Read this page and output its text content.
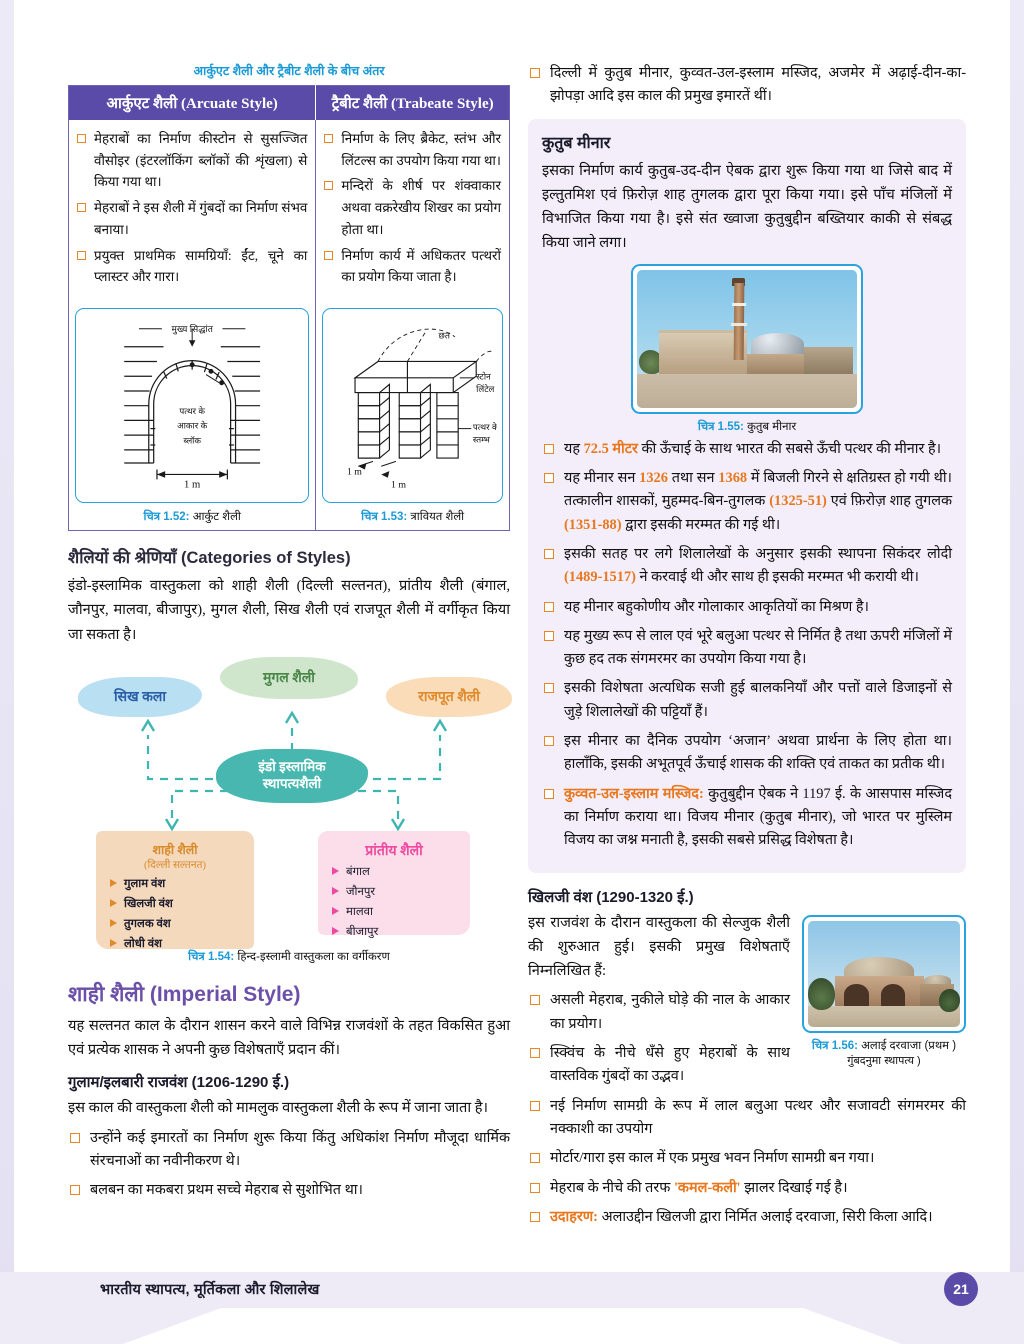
आर्कुएट शैली और ट्रैबीट शैली के बीच अंतर
आर्कुएट शैली (Arcuate Style)	ट्रैबीट शैली (Trabeate Style)

मेहराबों का निर्माण कीस्टोन से सुसज्जित वौसोइर (इंटरलॉकिंग ब्लॉकों की शृंखला) से किया गया था।
मेहराबों ने इस शैली में गुंबदों का निर्माण संभव बनाया।
प्रयुक्त प्राथमिक सामग्रियाँ: ईंट, चूने का प्लास्टर और गारा।

निर्माण के लिए ब्रैकेट, स्तंभ और लिंटल्स का उपयोग किया गया था।
मन्दिरों के शीर्ष पर शंक्वाकार अथवा वक्ररेखीय शिखर का प्रयोग होता था।
निर्माण कार्य में अधिकतर पत्थरों का प्रयोग किया जाता है।

मुख्य सिद्धांत
पत्थर के
आकार के
ब्लॉक
1 m
चित्र 1.52: आर्कुट शैली

छत
स्टोन
लिंटेल
पत्थर के
स्तम्भ
1 m
1 m
चित्र 1.53: त्रावियत शैली
शैलियों की श्रेणियाँ (Categories of Styles)

इंडो-इस्लामिक वास्तुकला को शाही शैली (दिल्ली सल्तनत), प्रांतीय शैली (बंगाल, जौनपुर, मालवा, बीजापुर), मुगल शैली, सिख शैली एवं राजपूत शैली में वर्गीकृत किया जा सकता है।

सिख कला
मुगल शैली
राजपूत शैली
इंडो इस्लामिक
स्थापत्यशैली
शाही शैली
(दिल्ली सल्तनत)
गुलाम वंश
खिलजी वंश
तुगलक वंश
लोधी वंश
प्रांतीय शैली
बंगाल
जौनपुर
मालवा
बीजापुर
चित्र 1.54: हिन्द-इस्लामी वास्तुकला का वर्गीकरण
शाही शैली (Imperial Style)

यह सल्तनत काल के दौरान शासन करने वाले विभिन्न राजवंशों के तहत विकसित हुआ एवं प्रत्येक शासक ने अपनी कुछ विशेषताएँ प्रदान कीं।

गुलाम/इलबारी राजवंश (1206-1290 ई.)

इस काल की वास्तुकला शैली को मामलुक वास्तुकला शैली के रूप में जाना जाता है।

उन्होंने कई इमारतों का निर्माण शुरू किया किंतु अधिकांश निर्माण मौजूदा धार्मिक संरचनाओं का नवीनीकरण थे।
बलबन का मकबरा प्रथम सच्चे मेहराब से सुशोभित था।
दिल्ली में कुतुब मीनार, कुव्वत-उल-इस्लाम मस्जिद, अजमेर में अढ़ाई-दीन-का-झोपड़ा आदि इस काल की प्रमुख इमारतें थीं।
कुतुब मीनार

इसका निर्माण कार्य कुतुब-उद-दीन ऐबक द्वारा शुरू किया गया था जिसे बाद में इल्तुतमिश एवं फ़िरोज़ शाह तुगलक द्वारा पूरा किया गया। इसे पाँच मंजिलों में विभाजित किया गया है। इसे संत ख्वाजा कुतुबुद्दीन बख्तियार काकी से संबद्ध किया जाने लगा।

चित्र 1.55: कुतुब मीनार
यह 72.5 मीटर की ऊँचाई के साथ भारत की सबसे ऊँची पत्थर की मीनार है।
यह मीनार सन 1326 तथा सन 1368 में बिजली गिरने से क्षतिग्रस्त हो गयी थी। तत्कालीन शासकों, मुहम्मद-बिन-तुगलक (1325-51) एवं फ़िरोज़ शाह तुगलक (1351-88) द्वारा इसकी मरम्मत की गई थी।
इसकी सतह पर लगे शिलालेखों के अनुसार इसकी स्थापना सिकंदर लोदी (1489-1517) ने करवाई थी और साथ ही इसकी मरम्मत भी करायी थी।
यह मीनार बहुकोणीय और गोलाकार आकृतियों का मिश्रण है।
यह मुख्य रूप से लाल एवं भूरे बलुआ पत्थर से निर्मित है तथा ऊपरी मंजिलों में कुछ हद तक संगमरमर का उपयोग किया गया है।
इसकी विशेषता अत्यधिक सजी हुई बालकनियाँ और पत्तों वाले डिजाइनों से जुड़े शिलालेखों की पट्टियाँ हैं।
इस मीनार का दैनिक उपयोग ‘अजान’ अथवा प्रार्थना के लिए होता था। हालाँकि, इसकी अभूतपूर्व ऊँचाई शासक की शक्ति एवं ताकत का प्रतीक थी।
कुव्वत-उल-इस्लाम मस्जिद: कुतुबुद्दीन ऐबक ने 1197 ई. के आसपास मस्जिद का निर्माण कराया था। विजय मीनार (कुतुब मीनार), जो भारत पर मुस्लिम विजय का जश्न मनाती है, इसकी सबसे प्रसिद्ध विशेषता है।
खिलजी वंश (1290-1320 ई.)
चित्र 1.56: अलाई दरवाजा (प्रथम )
गुंबदनुमा स्थापत्य )

इस राजवंश के दौरान वास्तुकला की सेल्जुक शैली की शुरुआत हुई। इसकी प्रमुख विशेषताएँ निम्नलिखित हैं:

असली मेहराब, नुकीले घोड़े की नाल के आकार का प्रयोग।
स्क्विंच के नीचे धँसे हुए मेहराबों के साथ वास्तविक गुंबदों का उद्भव।
नई निर्माण सामग्री के रूप में लाल बलुआ पत्थर और सजावटी संगमरमर की नक्काशी का उपयोग
मोर्टार/गारा इस काल में एक प्रमुख भवन निर्माण सामग्री बन गया।
मेहराब के नीचे की तरफ 'कमल-कली' झालर दिखाई गई है।
उदाहरण: अलाउद्दीन खिलजी द्वारा निर्मित अलाई दरवाजा, सिरी किला आदि।
भारतीय स्थापत्य, मूर्तिकला और शिलालेख	21
